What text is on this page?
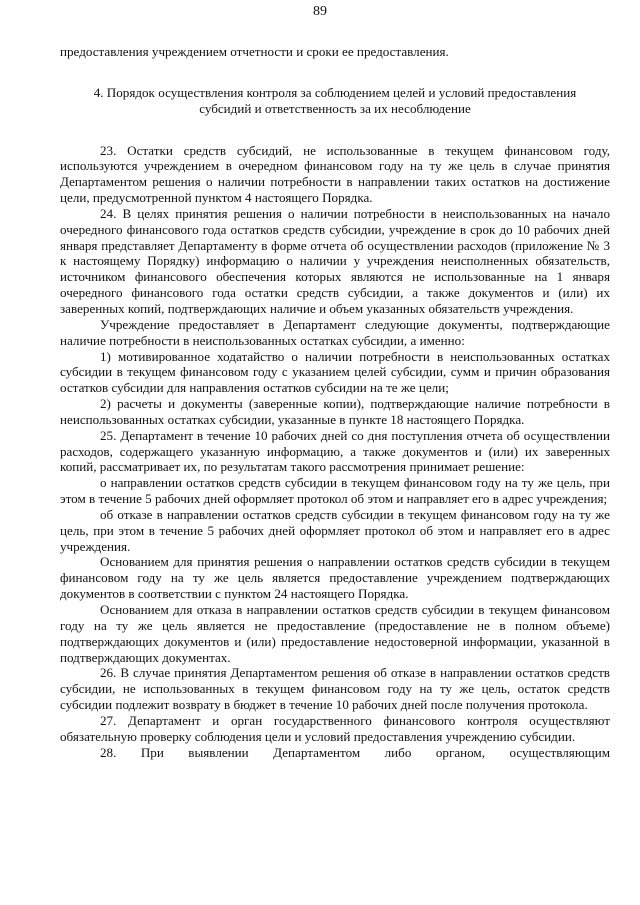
89

предоставления учреждением отчетности и сроки ее предоставления.

4. Порядок осуществления контроля за соблюдением целей и условий предоставления субсидий и ответственность за их несоблюдение

23. Остатки средств субсидий, не использованные в текущем финансовом году, используются учреждением в очередном финансовом году на ту же цель в случае принятия Департаментом решения о наличии потребности в направлении таких остатков на достижение цели, предусмотренной пунктом 4 настоящего Порядка.

24. В целях принятия решения о наличии потребности в неиспользованных на начало очередного финансового года остатков средств субсидии, учреждение в срок до 10 рабочих дней января представляет Департаменту в форме отчета об осуществлении расходов (приложение № 3 к настоящему Порядку) информацию о наличии у учреждения неисполненных обязательств, источником финансового обеспечения которых являются не использованные на 1 января очередного финансового года остатки средств субсидии, а также документов и (или) их заверенных копий, подтверждающих наличие и объем указанных обязательств учреждения.

Учреждение предоставляет в Департамент следующие документы, подтверждающие наличие потребности в неиспользованных остатках субсидии, а именно:

1) мотивированное ходатайство о наличии потребности в неиспользованных остатках субсидии в текущем финансовом году с указанием целей субсидии, сумм и причин образования остатков субсидии для направления остатков субсидии на те же цели;

2) расчеты и документы (заверенные копии), подтверждающие наличие потребности в неиспользованных остатках субсидии, указанные в пункте 18 настоящего Порядка.

25. Департамент в течение 10 рабочих дней со дня поступления отчета об осуществлении расходов, содержащего указанную информацию, а также документов и (или) их заверенных копий, рассматривает их, по результатам такого рассмотрения принимает решение:

о направлении остатков средств субсидии в текущем финансовом году на ту же цель, при этом в течение 5 рабочих дней оформляет протокол об этом и направляет его в адрес учреждения;

об отказе в направлении остатков средств субсидии в текущем финансовом году на ту же цель, при этом в течение 5 рабочих дней оформляет протокол об этом и направляет его в адрес учреждения.

Основанием для принятия решения о направлении остатков средств субсидии в текущем финансовом году на ту же цель является предоставление учреждением подтверждающих документов в соответствии с пунктом 24 настоящего Порядка.

Основанием для отказа в направлении остатков средств субсидии в текущем финансовом году на ту же цель является не предоставление (предоставление не в полном объеме) подтверждающих документов и (или) предоставление недостоверной информации, указанной в подтверждающих документах.

26. В случае принятия Департаментом решения об отказе в направлении остатков средств субсидии, не использованных в текущем финансовом году на ту же цель, остаток средств субсидии подлежит возврату в бюджет в течение 10 рабочих дней после получения протокола.

27. Департамент и орган государственного финансового контроля осуществляют обязательную проверку соблюдения цели и условий предоставления учреждению субсидии.

28. При выявлении Департаментом либо органом, осуществляющим
